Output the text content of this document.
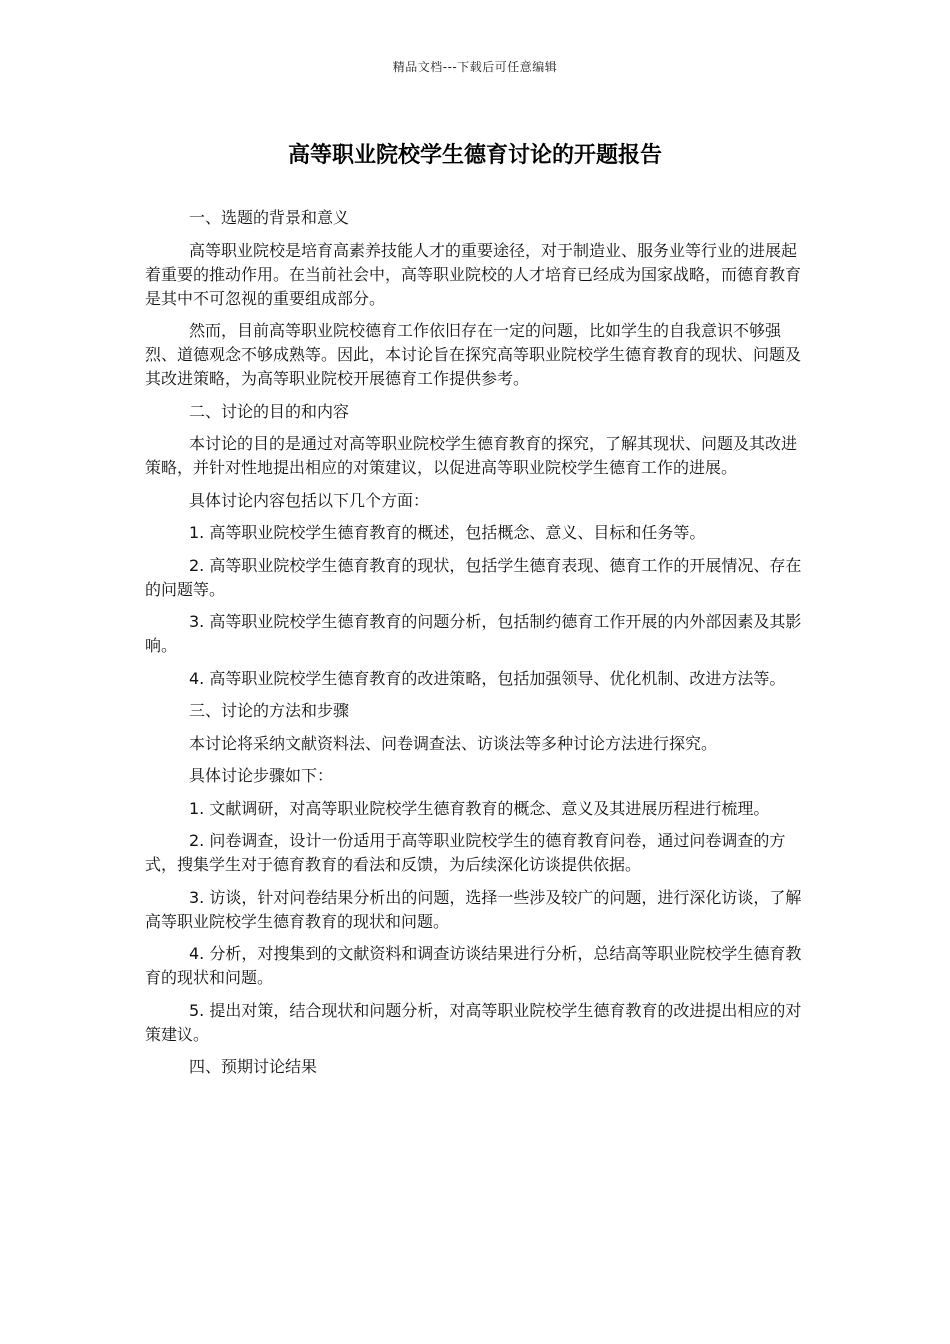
精品文档---下载后可任意编辑
高等职业院校学生德育讨论的开题报告

一、选题的背景和意义

高等职业院校是培育高素养技能人才的重要途径，对于制造业、服务业等行业的进展起着重要的推动作用。在当前社会中，高等职业院校的人才培育已经成为国家战略，而德育教育是其中不可忽视的重要组成部分。

然而，目前高等职业院校德育工作依旧存在一定的问题，比如学生的自我意识不够强烈、道德观念不够成熟等。因此，本讨论旨在探究高等职业院校学生德育教育的现状、问题及其改进策略，为高等职业院校开展德育工作提供参考。

二、讨论的目的和内容

本讨论的目的是通过对高等职业院校学生德育教育的探究，了解其现状、问题及其改进策略，并针对性地提出相应的对策建议，以促进高等职业院校学生德育工作的进展。

具体讨论内容包括以下几个方面：

1. 高等职业院校学生德育教育的概述，包括概念、意义、目标和任务等。

2. 高等职业院校学生德育教育的现状，包括学生德育表现、德育工作的开展情况、存在的问题等。

3. 高等职业院校学生德育教育的问题分析，包括制约德育工作开展的内外部因素及其影响。

4. 高等职业院校学生德育教育的改进策略，包括加强领导、优化机制、改进方法等。

三、讨论的方法和步骤

本讨论将采纳文献资料法、问卷调查法、访谈法等多种讨论方法进行探究。

具体讨论步骤如下：

1. 文献调研，对高等职业院校学生德育教育的概念、意义及其进展历程进行梳理。

2. 问卷调查，设计一份适用于高等职业院校学生的德育教育问卷，通过问卷调查的方式，搜集学生对于德育教育的看法和反馈，为后续深化访谈提供依据。

3. 访谈，针对问卷结果分析出的问题，选择一些涉及较广的问题，进行深化访谈，了解高等职业院校学生德育教育的现状和问题。

4. 分析，对搜集到的文献资料和调查访谈结果进行分析，总结高等职业院校学生德育教育的现状和问题。

5. 提出对策，结合现状和问题分析，对高等职业院校学生德育教育的改进提出相应的对策建议。

四、预期讨论结果
